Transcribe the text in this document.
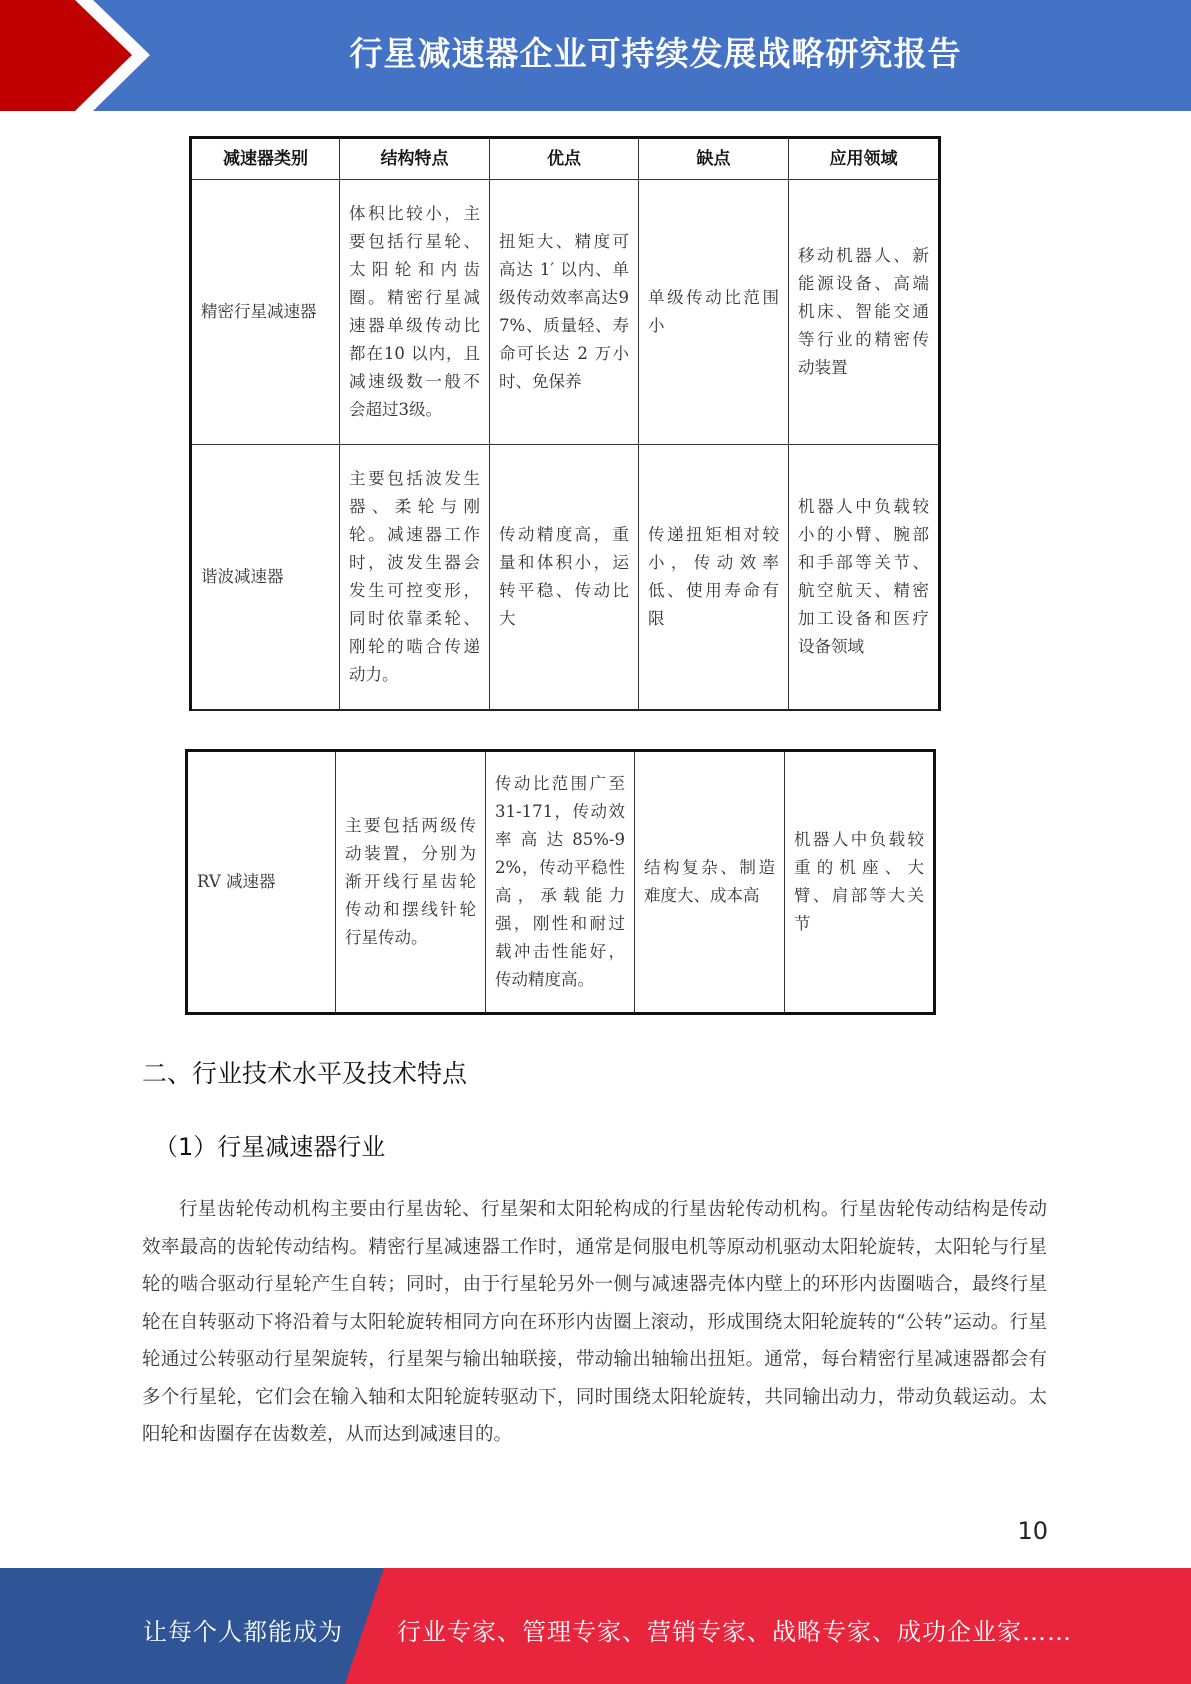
行星减速器企业可持续发展战略研究报告
减速器类别	结构特点	优点	缺点	应用领域
精密行星减速器	体积比较小，主要包括行星轮、太阳轮和内齿圈。精密行星减速器单级传动比都在10 以内，且减速级数一般不会超过3级。	扭矩大、精度可高达 1′ 以内、单级传动效率高达97%、质量轻、寿命可长达 2 万小时、免保养	单级传动比范围小	移动机器人、新能源设备、高端机床、智能交通等行业的精密传动装置
谐波减速器	主要包括波发生器、柔轮与刚轮。减速器工作时，波发生器会发生可控变形，同时依靠柔轮、刚轮的啮合传递动力。	传动精度高，重量和体积小，运转平稳、传动比大	传递扭矩相对较小，传动效率低、使用寿命有限	机器人中负载较小的小臂、腕部和手部等关节、航空航天、精密加工设备和医疗设备领域
RV 减速器	主要包括两级传动装置，分别为渐开线行星齿轮传动和摆线针轮行星传动。	传动比范围广至 31-171，传动效率高达85%-92%，传动平稳性高，承载能力强，刚性和耐过载冲击性能好，传动精度高。	结构复杂、制造难度大、成本高	机器人中负载较重的机座、大臂、肩部等大关节
二、行业技术水平及技术特点
（1）行星减速器行业

行星齿轮传动机构主要由行星齿轮、行星架和太阳轮构成的行星齿轮传动机构。行星齿轮传动结构是传动效率最高的齿轮传动结构。精密行星减速器工作时，通常是伺服电机等原动机驱动太阳轮旋转，太阳轮与行星轮的啮合驱动行星轮产生自转；同时，由于行星轮另外一侧与减速器壳体内壁上的环形内齿圈啮合，最终行星轮在自转驱动下将沿着与太阳轮旋转相同方向在环形内齿圈上滚动，形成围绕太阳轮旋转的“公转”运动。行星轮通过公转驱动行星架旋转，行星架与输出轴联接，带动输出轴输出扭矩。通常，每台精密行星减速器都会有多个行星轮，它们会在输入轴和太阳轮旋转驱动下，同时围绕太阳轮旋转，共同输出动力，带动负载运动。太阳轮和齿圈存在齿数差，从而达到减速目的。

10
让每个人都能成为 行业专家、管理专家、营销专家、战略专家、成功企业家……
